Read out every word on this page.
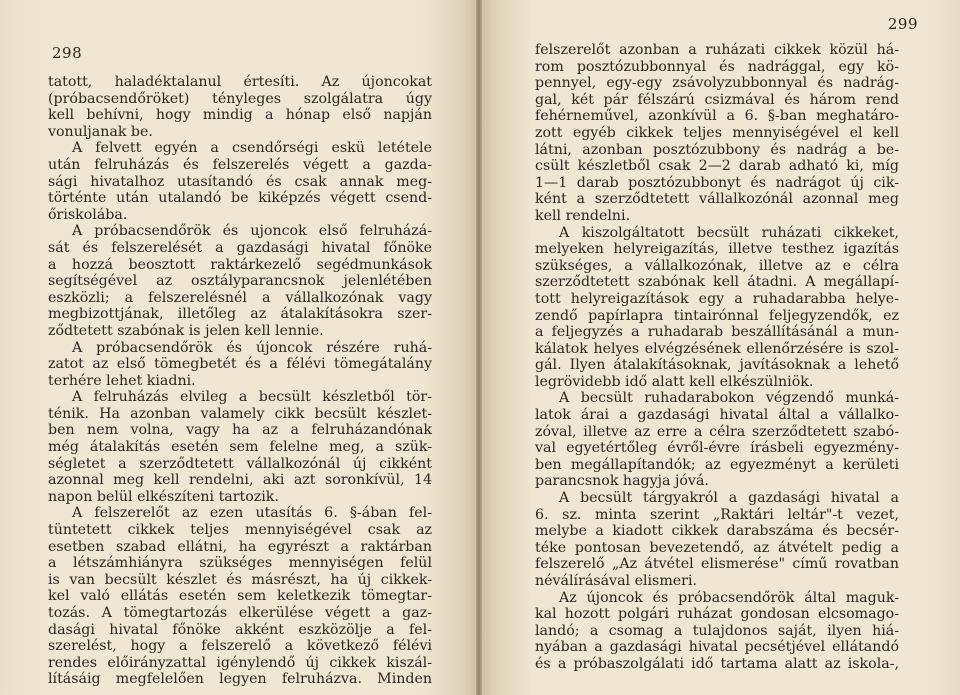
298
tatott, haladéktalanul értesíti. Az újoncokat
(próbacsendőröket) tényleges szolgálatra úgy
kell behívni, hogy mindig a hónap első napján
vonuljanak be.
A felvett egyén a csendőrségi eskü letétele
után felruházás és felszerelés végett a gazda-
sági hivatalhoz utasítandó és csak annak meg-
történte után utalandó be kiképzés végett csend-
őriskolába.
A próbacsendőrök és ujoncok első felruházá-
sát és felszerelését a gazdasági hivatal főnöke
a hozzá beosztott raktárkezelő segédmunkások
segítségével az osztályparancsnok jelenlétében
eszközli; a felszerelésnél a vállalkozónak vagy
megbizottjának, illetőleg az átalakításokra szer-
ződtetett szabónak is jelen kell lennie.
A próbacsendőrök és újoncok részére ruhá-
zatot az első tömegbetét és a félévi tömegátalány
terhére lehet kiadni.
A felruházás elvileg a becsült készletből tör-
ténik. Ha azonban valamely cikk becsült készlet-
ben nem volna, vagy ha az a felruházandónak
még átalakítás esetén sem felelne meg, a szük-
ségletet a szerződtetett vállalkozónál új cikként
azonnal meg kell rendelni, aki azt soronkívül, 14
napon belül elkészíteni tartozik.
A felszerelőt az ezen utasítás 6. §-ában fel-
tüntetett cikkek teljes mennyiségével csak az
esetben szabad ellátni, ha egyrészt a raktárban
a létszámhiányra szükséges mennyiségen felül
is van becsült készlet és másrészt, ha új cikkek-
kel való ellátás esetén sem keletkezik tömegtar-
tozás. A tömegtartozás elkerülése végett a gaz-
dasági hivatal főnöke akként eszközölje a fel-
szerelést, hogy a felszerelő a következő félévi
rendes előirányzattal igénylendő új cikkek kiszál-
lításáig megfelelően legyen felruházva. Minden
299
felszerelőt azonban a ruházati cikkek közül há-
rom posztózubbonnyal és nadrággal, egy kö-
pennyel, egy-egy zsávolyzubbonnyal és nadrág-
gal, két pár félszárú csizmával és három rend
fehérneművel, azonkívül a 6. §-ban meghatáro-
zott egyéb cikkek teljes mennyiségével el kell
látni, azonban posztózubbony és nadrág a be-
csült készletből csak 2—2 darab adható ki, míg
1—1 darab posztózubbonyt és nadrágot új cik-
ként a szerződtetett vállalkozónál azonnal meg
kell rendelni.
A kiszolgáltatott becsült ruházati cikkeket,
melyeken helyreigazítás, illetve testhez igazítás
szükséges, a vállalkozónak, illetve az e célra
szerződtetett szabónak kell átadni. A megállapí-
tott helyreigazítások egy a ruhadarabba helye-
zendő papírlapra tintairónnal feljegyzendők, ez
a feljegyzés a ruhadarab beszállításánál a mun-
kálatok helyes elvégzésének ellenőrzésére is szol-
gál. Ilyen átalakításoknak, javításoknak a lehető
legrövidebb idő alatt kell elkészülniök.
A becsült ruhadarabokon végzendő munká-
latok árai a gazdasági hivatal által a vállalko-
zóval, illetve az erre a célra szerződtetett szabó-
val egyetértőleg évről-évre írásbeli egyezmény-
ben megállapítandók; az egyezményt a kerületi
parancsnok hagyja jóvá.
A becsült tárgyakról a gazdasági hivatal a
6. sz. minta szerint „Raktári leltár"-t vezet,
melybe a kiadott cikkek darabszáma és becsér-
téke pontosan bevezetendő, az átvételt pedig a
felszerelő „Az átvétel elismerése" című rovatban
néválírásával elismeri.
Az újoncok és próbacsendőrök által maguk-
kal hozott polgári ruházat gondosan elcsomago-
landó; a csomag a tulajdonos saját, ilyen hiá-
nyában a gazdasági hivatal pecsétjével ellátandó
és a próbaszolgálati idő tartama alatt az iskola-,
